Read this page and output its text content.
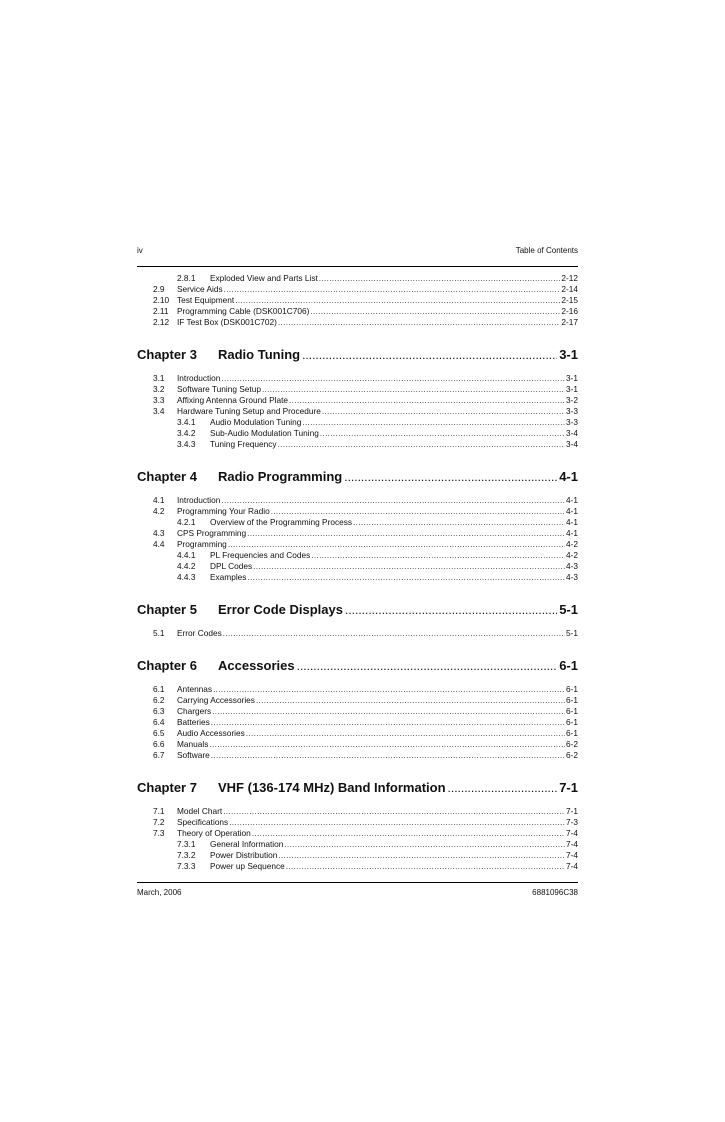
iv	Table of Contents
2.8.1 Exploded View and Parts List .....	2-12
2.9 Service Aids .....	2-14
2.10 Test Equipment .....	2-15
2.11 Programming Cable (DSK001C706) .....	2-16
2.12 IF Test Box (DSK001C702) .....	2-17
Chapter 3 Radio Tuning .....	3-1
3.1 Introduction .....	3-1
3.2 Software Tuning Setup .....	3-1
3.3 Affixing Antenna Ground Plate .....	3-2
3.4 Hardware Tuning Setup and Procedure .....	3-3
3.4.1 Audio Modulation Tuning .....	3-3
3.4.2 Sub-Audio Modulation Tuning .....	3-4
3.4.3 Tuning Frequency .....	3-4
Chapter 4 Radio Programming .....	4-1
4.1 Introduction .....	4-1
4.2 Programming Your Radio .....	4-1
4.2.1 Overview of the Programming Process .....	4-1
4.3 CPS Programming .....	4-1
4.4 Programming .....	4-2
4.4.1 PL Frequencies and Codes .....	4-2
4.4.2 DPL Codes .....	4-3
4.4.3 Examples .....	4-3
Chapter 5 Error Code Displays .....	5-1
5.1 Error Codes .....	5-1
Chapter 6 Accessories .....	6-1
6.1 Antennas .....	6-1
6.2 Carrying Accessories .....	6-1
6.3 Chargers .....	6-1
6.4 Batteries .....	6-1
6.5 Audio Accessories .....	6-1
6.6 Manuals .....	6-2
6.7 Software .....	6-2
Chapter 7 VHF (136-174 MHz) Band Information .....	7-1
7.1 Model Chart .....	7-1
7.2 Specifications .....	7-3
7.3 Theory of Operation .....	7-4
7.3.1 General Information .....	7-4
7.3.2 Power Distribution .....	7-4
7.3.3 Power up Sequence .....	7-4
March, 2006	6881096C38
